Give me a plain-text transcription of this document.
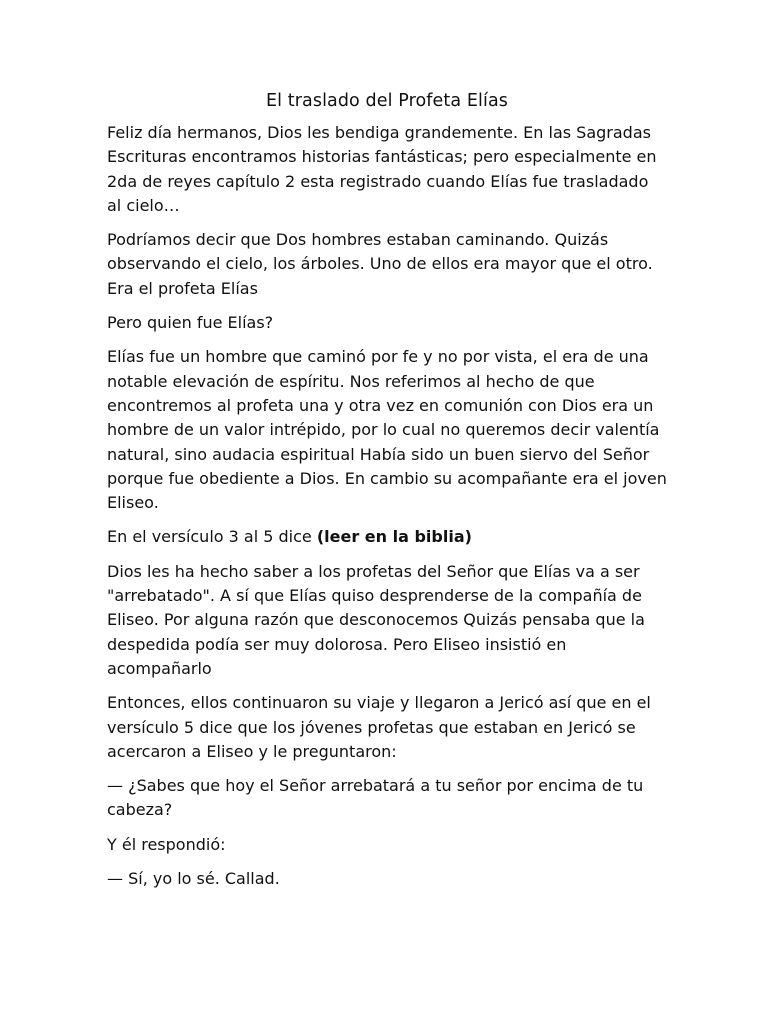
El traslado del Profeta Elías

Feliz día hermanos, Dios les bendiga grandemente. En las Sagradas Escrituras encontramos historias fantásticas; pero especialmente en 2da de reyes capítulo 2 esta registrado cuando Elías fue trasladado al cielo…

Podríamos decir que Dos hombres estaban caminando. Quizás observando el cielo, los árboles. Uno de ellos era mayor que el otro. Era el profeta Elías

Pero quien fue Elías?

Elías fue un hombre que caminó por fe y no por vista, el era de una notable elevación de espíritu. Nos referimos al hecho de que encontremos al profeta una y otra vez en comunión con Dios era un hombre de un valor intrépido, por lo cual no queremos decir valentía natural, sino audacia espiritual Había sido un buen siervo del Señor porque fue obediente a Dios. En cambio su acompañante era el joven Eliseo.

En el versículo 3 al 5 dice (leer en la biblia)

Dios les ha hecho saber a los profetas del Señor que Elías va a ser "arrebatado". A sí que Elías quiso desprenderse de la compañía de Eliseo. Por alguna razón que desconocemos Quizás pensaba que la despedida podía ser muy dolorosa. Pero Eliseo insistió en acompañarlo

Entonces, ellos continuaron su viaje y llegaron a Jericó así que en el versículo 5 dice que los jóvenes profetas que estaban en Jericó se acercaron a Eliseo y le preguntaron:

— ¿Sabes que hoy el Señor arrebatará a tu señor por encima de tu cabeza?

Y él respondió:

— Sí, yo lo sé. Callad.
